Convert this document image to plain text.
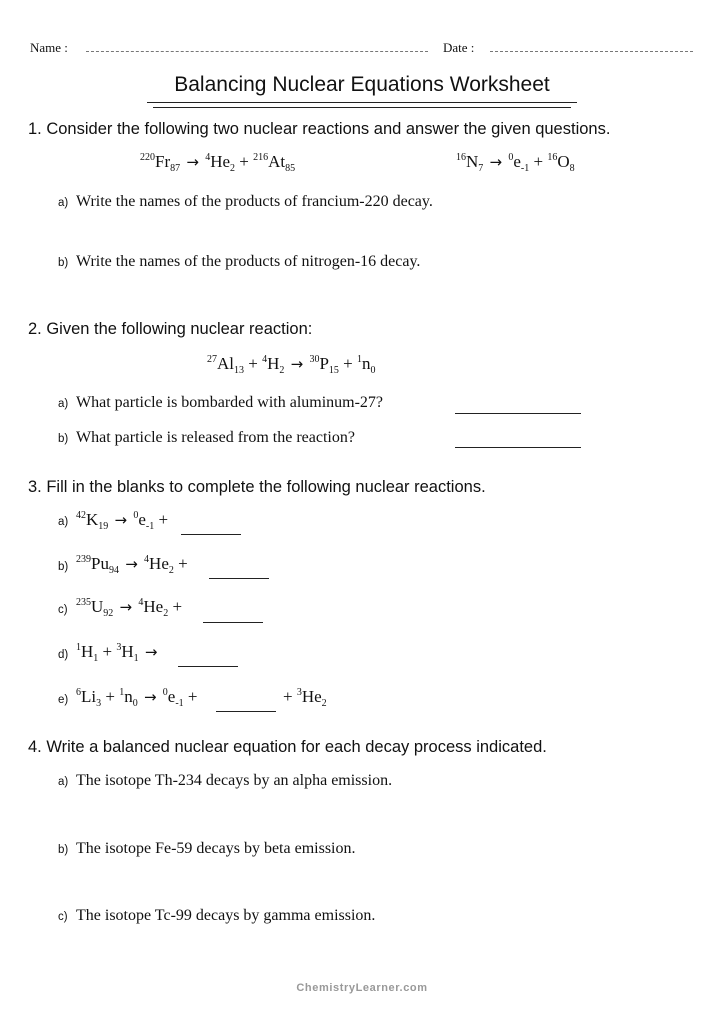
Name :	Date :
Balancing Nuclear Equations Worksheet
1. Consider the following two nuclear reactions and answer the given questions.
$^{220}Fr_{87} \to ^4He_2 + ^{216}At_{85}$
$^{16}N_7 \to ^0e_{-1} + ^{16}O_8$
a) Write the names of the products of francium-220 decay.
b) Write the names of the products of nitrogen-16 decay.
2. Given the following nuclear reaction:
$^{27}Al_{13} + ^4H_2 \to ^{30}P_{15} + ^1n_0$
a) What particle is bombarded with aluminum-27?
b) What particle is released from the reaction?
3. Fill in the blanks to complete the following nuclear reactions.
a)
$^{42}K_{19} \to ^0e_{-1}$ +
b)
$^{239}Pu_{94} \to ^4He_2$ +
c)
$^{235}U_{92} \to ^4He_2$ +
d)
$^1H_1 + ^3H_1$ →
e)
$^6Li_3 + ^1n_0 \to ^0e_{-1}$ +	+ $^3He_2$
4. Write a balanced nuclear equation for each decay process indicated.
a) The isotope Th-234 decays by an alpha emission.
b) The isotope Fe-59 decays by beta emission.
c) The isotope Tc-99 decays by gamma emission.
ChemistryLearner.com
